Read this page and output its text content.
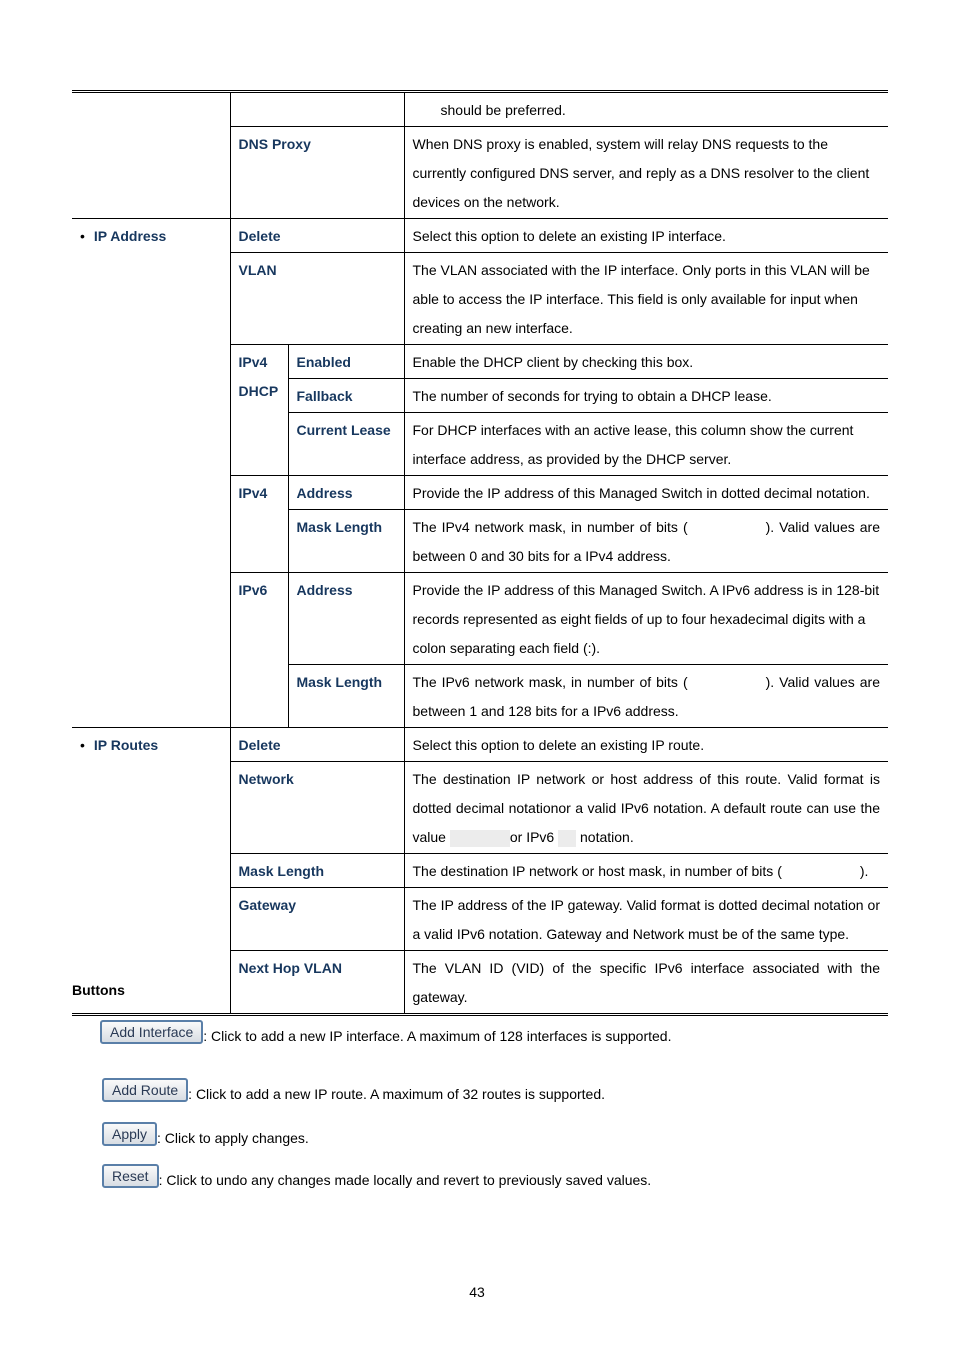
			should be preferred.
	DNS Proxy		When DNS proxy is enabled, system will relay DNS requests to the currently configured DNS server, and reply as a DNS resolver to the client devices on the network.
• IP Address	Delete		Select this option to delete an existing IP interface.
	VLAN		The VLAN associated with the IP interface. Only ports in this VLAN will be able to access the IP interface. This field is only available for input when creating an new interface.
	IPv4 DHCP	Enabled	Enable the DHCP client by checking this box.
		Fallback	The number of seconds for trying to obtain a DHCP lease.
		Current Lease	For DHCP interfaces with an active lease, this column show the current interface address, as provided by the DHCP server.
	IPv4	Address	Provide the IP address of this Managed Switch in dotted decimal notation.
		Mask Length	The IPv4 network mask, in number of bits ( ). Valid values are between 0 and 30 bits for a IPv4 address.
	IPv6	Address	Provide the IP address of this Managed Switch. A IPv6 address is in 128-bit records represented as eight fields of up to four hexadecimal digits with a colon separating each field (:).
		Mask Length	The IPv6 network mask, in number of bits ( ). Valid values are between 1 and 128 bits for a IPv6 address.
• IP Routes	Delete		Select this option to delete an existing IP route.
	Network		The destination IP network or host address of this route. Valid format is dotted decimal notationor a valid IPv6 notation. A default route can use the value or IPv6 notation.
	Mask Length		The destination IP network or host mask, in number of bits ( ).
	Gateway		The IP address of the IP gateway. Valid format is dotted decimal notation or a valid IPv6 notation. Gateway and Network must be of the same type.
	Next Hop VLAN		The VLAN ID (VID) of the specific IPv6 interface associated with the gateway.
Buttons
Add Interface : Click to add a new IP interface. A maximum of 128 interfaces is supported.
Add Route : Click to add a new IP route. A maximum of 32 routes is supported.
Apply : Click to apply changes.
Reset : Click to undo any changes made locally and revert to previously saved values.
43
